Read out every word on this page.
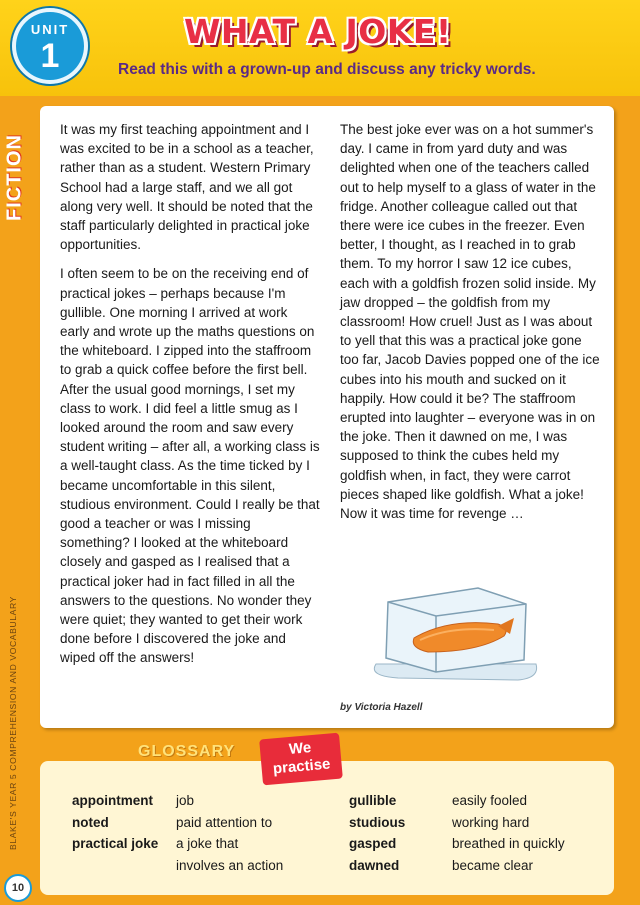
UNIT
1
WHAT A JOKE!
Read this with a grown-up and discuss any tricky words.
FICTION
BLAKE'S YEAR 5 COMPREHENSION AND VOCABULARY
10

It was my first teaching appointment and I was excited to be in a school as a teacher, rather than as a student. Western Primary School had a large staff, and we all got along very well. It should be noted that the staff particularly delighted in practical joke opportunities.

I often seem to be on the receiving end of practical jokes – perhaps because I'm gullible. One morning I arrived at work early and wrote up the maths questions on the whiteboard. I zipped into the staffroom to grab a quick coffee before the first bell. After the usual good mornings, I set my class to work. I did feel a little smug as I looked around the room and saw every student writing – after all, a working class is a well-taught class. As the time ticked by I became uncomfortable in this silent, studious environment. Could I really be that good a teacher or was I missing something? I looked at the whiteboard closely and gasped as I realised that a practical joker had in fact filled in all the answers to the questions. No wonder they were quiet; they wanted to get their work done before I discovered the joke and wiped off the answers!

The best joke ever was on a hot summer's day. I came in from yard duty and was delighted when one of the teachers called out to help myself to a glass of water in the fridge. Another colleague called out that there were ice cubes in the freezer. Even better, I thought, as I reached in to grab them. To my horror I saw 12 ice cubes, each with a goldfish frozen solid inside. My jaw dropped – the goldfish from my classroom! How cruel! Just as I was about to yell that this was a practical joke gone too far, Jacob Davies popped one of the ice cubes into his mouth and sucked on it happily. How could it be? The staffroom erupted into laughter – everyone was in on the joke. Then it dawned on me, I was supposed to think the cubes held my goldfish when, in fact, they were carrot pieces shaped like goldfish. What a joke! Now it was time for revenge …

by Victoria Hazell
GLOSSARY	We practise
appointment	job
noted	paid attention to
practical joke	a joke that involves an action
gullible	easily fooled
studious	working hard
gasped	breathed in quickly
dawned	became clear
